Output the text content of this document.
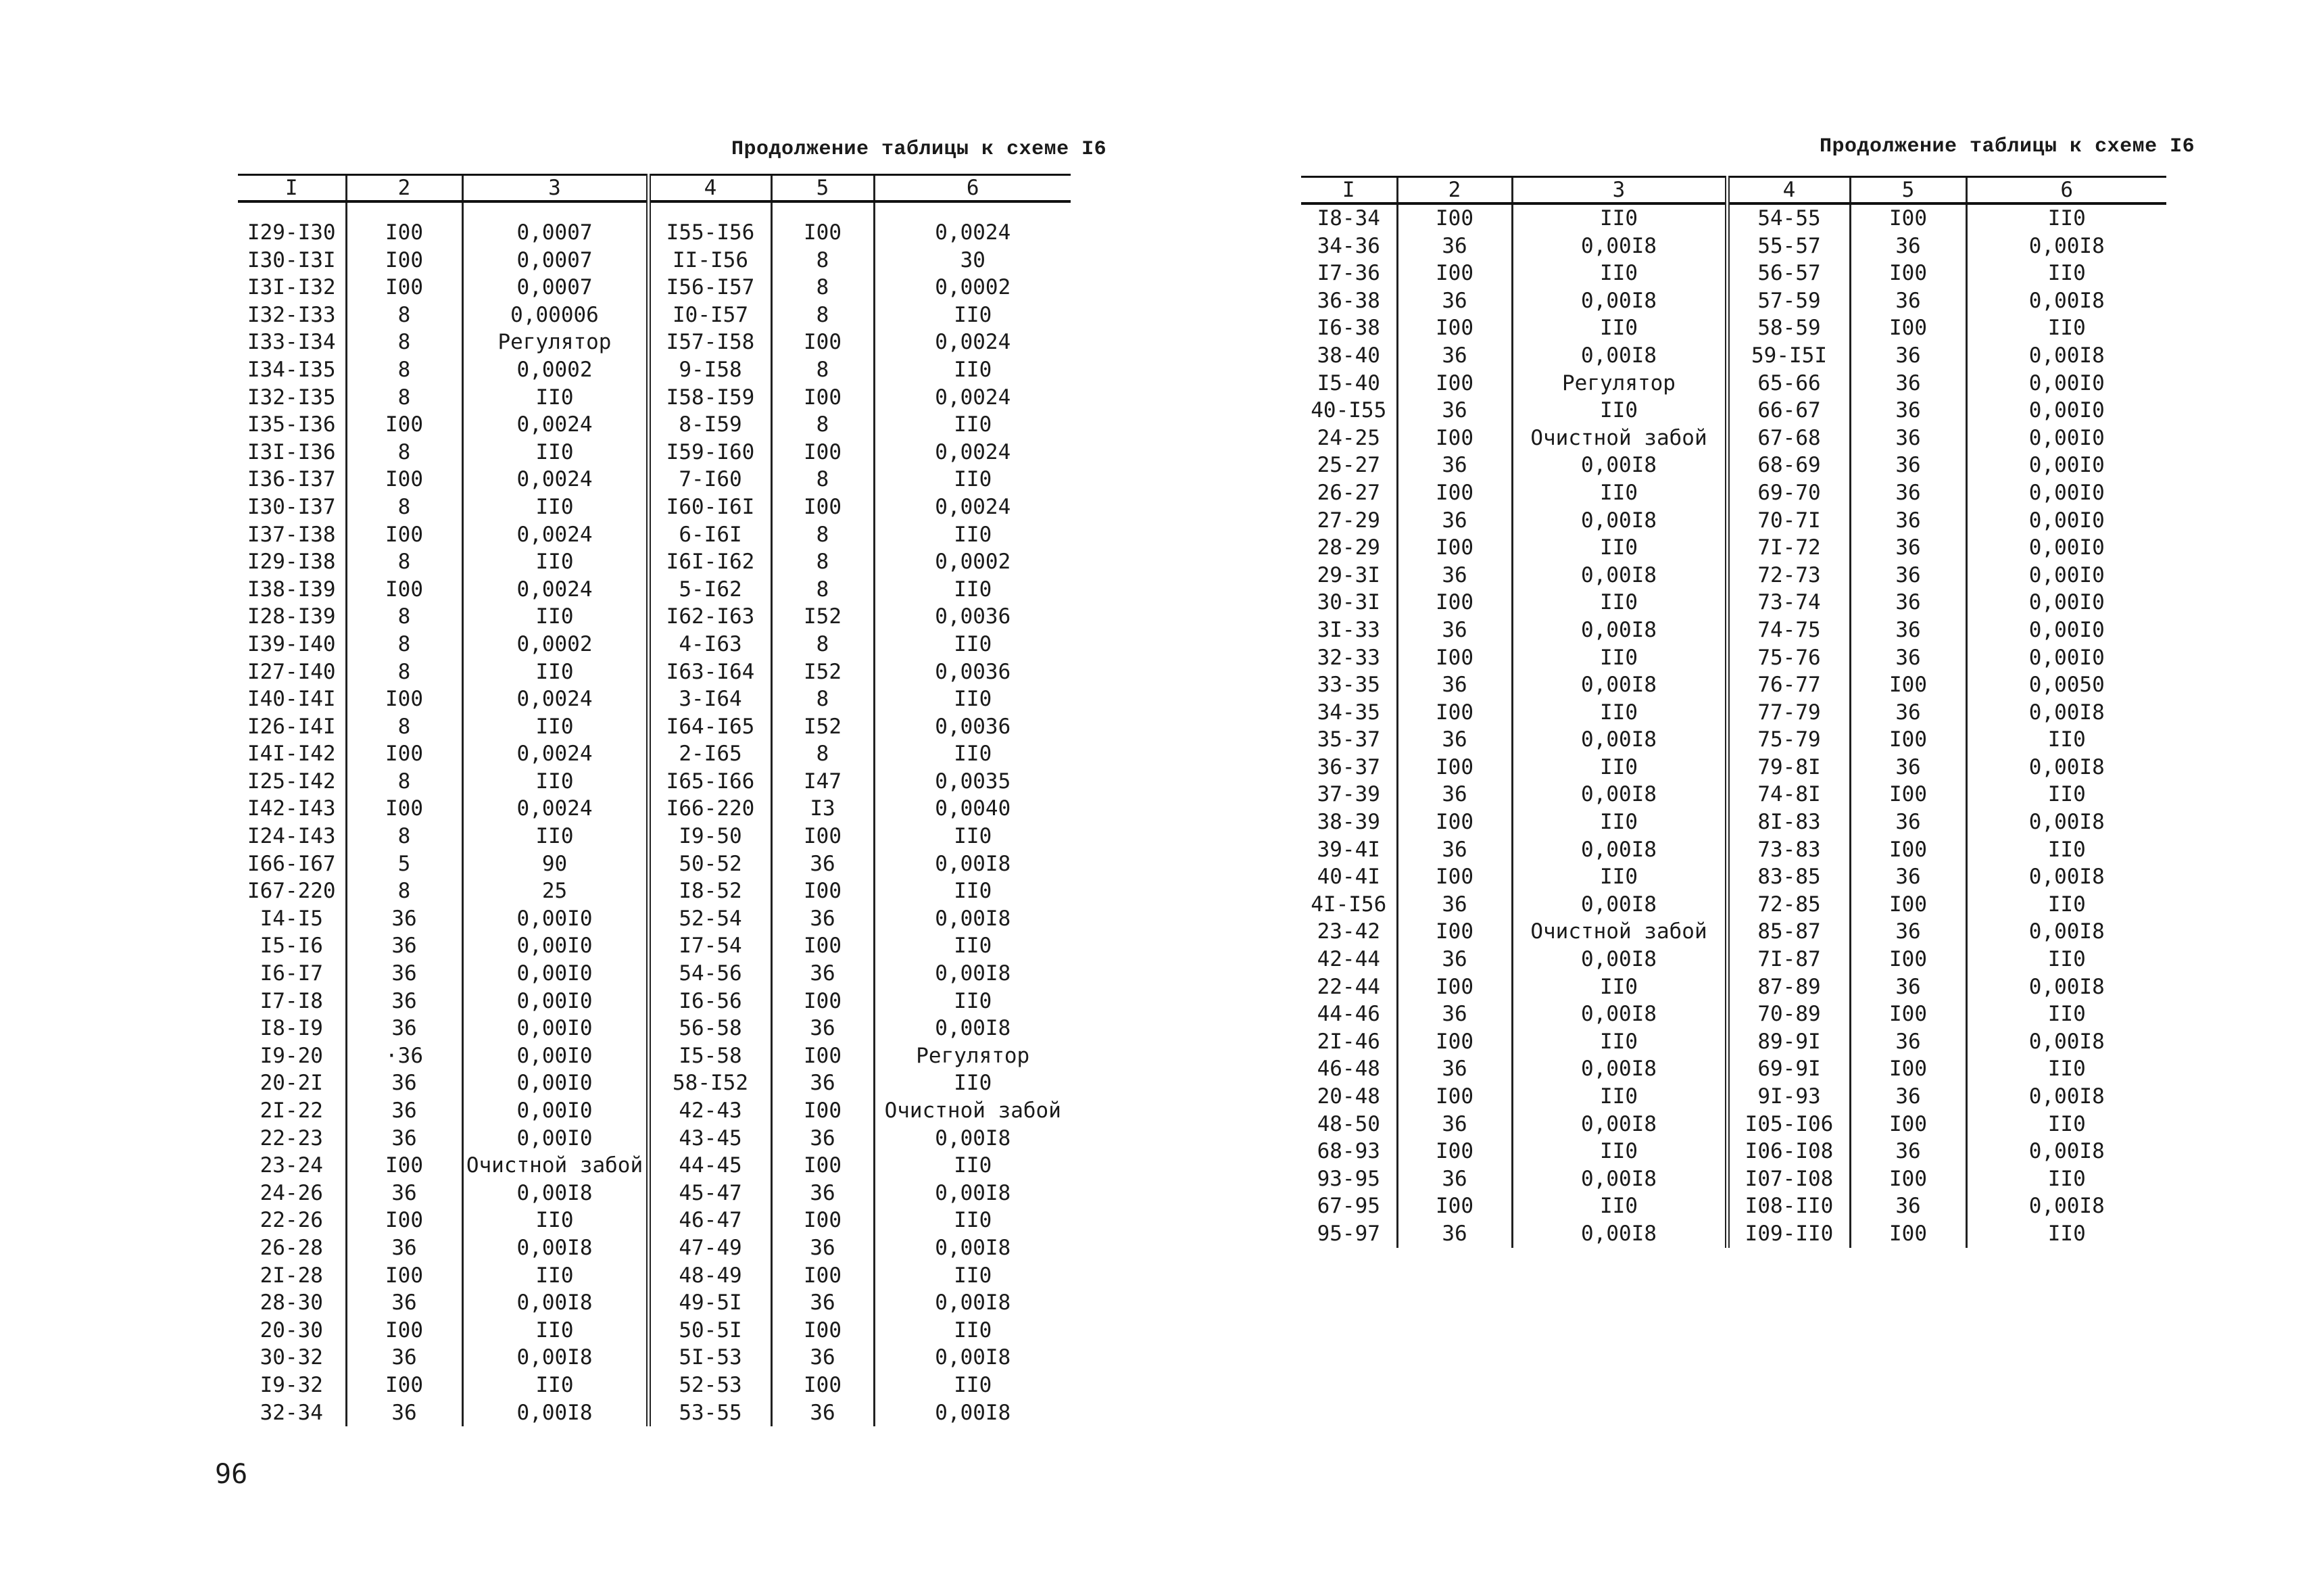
Продолжение таблицы к схеме I6
I	2	3	4	5	6

I29-I30	I00	0,0007	I55-I56	I00	0,0024
I30-I3I	I00	0,0007	II-I56	8	30
I3I-I32	I00	0,0007	I56-I57	8	0,0002
I32-I33	8	0,00006	I0-I57	8	II0
I33-I34	8	Регулятор	I57-I58	I00	0,0024
I34-I35	8	0,0002	9-I58	8	II0
I32-I35	8	II0	I58-I59	I00	0,0024
I35-I36	I00	0,0024	8-I59	8	II0
I3I-I36	8	II0	I59-I60	I00	0,0024
I36-I37	I00	0,0024	7-I60	8	II0
I30-I37	8	II0	I60-I6I	I00	0,0024
I37-I38	I00	0,0024	6-I6I	8	II0
I29-I38	8	II0	I6I-I62	8	0,0002
I38-I39	I00	0,0024	5-I62	8	II0
I28-I39	8	II0	I62-I63	I52	0,0036
I39-I40	8	0,0002	4-I63	8	II0
I27-I40	8	II0	I63-I64	I52	0,0036
I40-I4I	I00	0,0024	3-I64	8	II0
I26-I4I	8	II0	I64-I65	I52	0,0036
I4I-I42	I00	0,0024	2-I65	8	II0
I25-I42	8	II0	I65-I66	I47	0,0035
I42-I43	I00	0,0024	I66-220	I3	0,0040
I24-I43	8	II0	I9-50	I00	II0
I66-I67	5	90	50-52	36	0,00I8
I67-220	8	25	I8-52	I00	II0
I4-I5	36	0,00I0	52-54	36	0,00I8
I5-I6	36	0,00I0	I7-54	I00	II0
I6-I7	36	0,00I0	54-56	36	0,00I8
I7-I8	36	0,00I0	I6-56	I00	II0
I8-I9	36	0,00I0	56-58	36	0,00I8
I9-20	·36	0,00I0	I5-58	I00	Регулятор
20-2I	36	0,00I0	58-I52	36	II0
2I-22	36	0,00I0	42-43	I00	Очистной забой
22-23	36	0,00I0	43-45	36	0,00I8
23-24	I00	Очистной забой	44-45	I00	II0
24-26	36	0,00I8	45-47	36	0,00I8
22-26	I00	II0	46-47	I00	II0
26-28	36	0,00I8	47-49	36	0,00I8
2I-28	I00	II0	48-49	I00	II0
28-30	36	0,00I8	49-5I	36	0,00I8
20-30	I00	II0	50-5I	I00	II0
30-32	36	0,00I8	5I-53	36	0,00I8
I9-32	I00	II0	52-53	I00	II0
32-34	36	0,00I8	53-55	36	0,00I8
96
Продолжение таблицы к схеме I6
I	2	3	4	5	6
I8-34	I00	II0	54-55	I00	II0
34-36	36	0,00I8	55-57	36	0,00I8
I7-36	I00	II0	56-57	I00	II0
36-38	36	0,00I8	57-59	36	0,00I8
I6-38	I00	II0	58-59	I00	II0
38-40	36	0,00I8	59-I5I	36	0,00I8
I5-40	I00	Регулятор	65-66	36	0,00I0
40-I55	36	II0	66-67	36	0,00I0
24-25	I00	Очистной забой	67-68	36	0,00I0
25-27	36	0,00I8	68-69	36	0,00I0
26-27	I00	II0	69-70	36	0,00I0
27-29	36	0,00I8	70-7I	36	0,00I0
28-29	I00	II0	7I-72	36	0,00I0
29-3I	36	0,00I8	72-73	36	0,00I0
30-3I	I00	II0	73-74	36	0,00I0
3I-33	36	0,00I8	74-75	36	0,00I0
32-33	I00	II0	75-76	36	0,00I0
33-35	36	0,00I8	76-77	I00	0,0050
34-35	I00	II0	77-79	36	0,00I8
35-37	36	0,00I8	75-79	I00	II0
36-37	I00	II0	79-8I	36	0,00I8
37-39	36	0,00I8	74-8I	I00	II0
38-39	I00	II0	8I-83	36	0,00I8
39-4I	36	0,00I8	73-83	I00	II0
40-4I	I00	II0	83-85	36	0,00I8
4I-I56	36	0,00I8	72-85	I00	II0
23-42	I00	Очистной забой	85-87	36	0,00I8
42-44	36	0,00I8	7I-87	I00	II0
22-44	I00	II0	87-89	36	0,00I8
44-46	36	0,00I8	70-89	I00	II0
2I-46	I00	II0	89-9I	36	0,00I8
46-48	36	0,00I8	69-9I	I00	II0
20-48	I00	II0	9I-93	36	0,00I8
48-50	36	0,00I8	I05-I06	I00	II0
68-93	I00	II0	I06-I08	36	0,00I8
93-95	36	0,00I8	I07-I08	I00	II0
67-95	I00	II0	I08-II0	36	0,00I8
95-97	36	0,00I8	I09-II0	I00	II0
